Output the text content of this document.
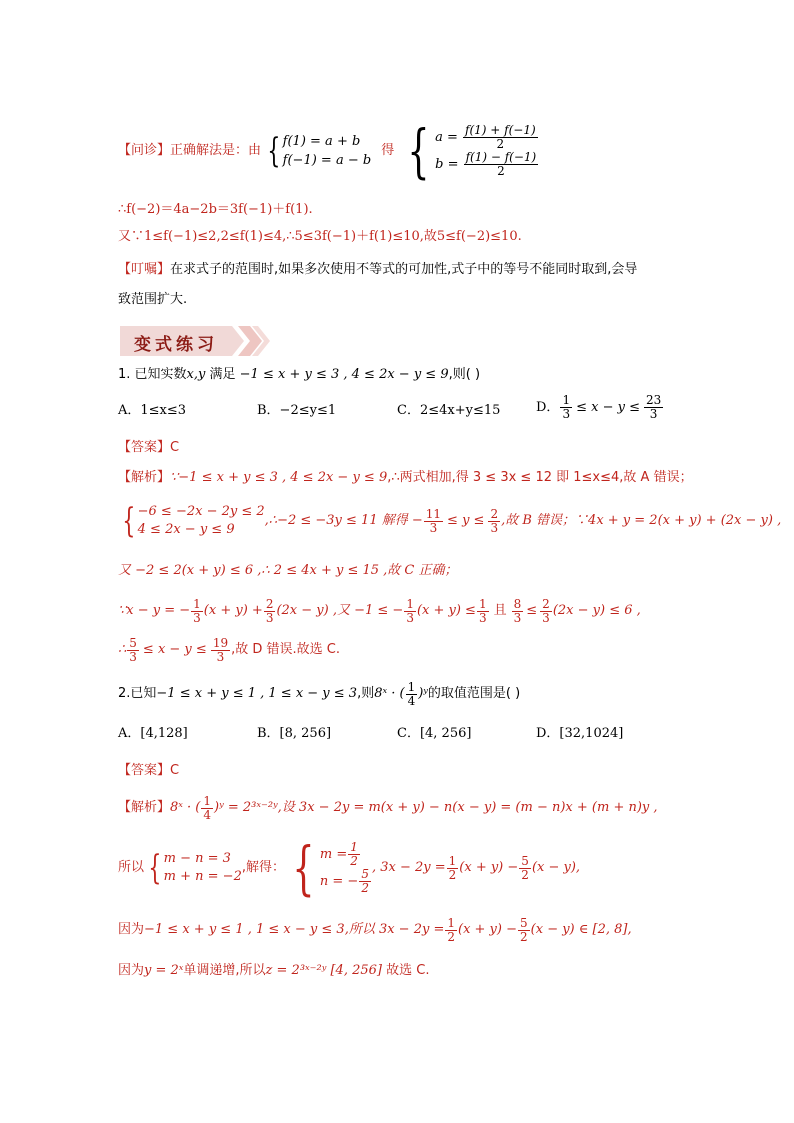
【问诊】 正确解法是：由 { f(1) = a + b
f(−1) = a − b
得 { $a = \frac{f(1) + f(-1)}{2}$
$b = \frac{f(1) - f(-1)}{2}$
∴f(−2)＝4a−2b＝3f(−1)＋f(1).
又∵1≤f(−1)≤2,2≤f(1)≤4,∴5≤3f(−1)＋f(1)≤10,故5≤f(−2)≤10.
【叮嘱】在求式子的范围时,如果多次使用不等式的可加性,式子中的等号不能同时取到,会导
致范围扩大.
变式练习
1. 已知实数x,y 满足 −1 ≤ x + y ≤ 3 , 4 ≤ 2x − y ≤ 9,则( )
A．1≤x≤3	B．−2≤y≤1	C．2≤4x+y≤15	D． $\frac{1}{3} \le x - y \le \frac{23}{3}$
【答案】C
【解析】∵−1 ≤ x + y ≤ 3 , 4 ≤ 2x − y ≤ 9,∴两式相加,得 3 ≤ 3x ≤ 12 即 1≤x≤4,故 A 错误；
{ −6 ≤ −2x − 2y ≤ 2
4 ≤ 2x − y ≤ 9
,∴−2 ≤ −3y ≤ 11 解得 − $\frac{11}{3} \le y \le \frac{2}{3}$ ,故 B 错误；∵4x + y = 2(x + y) + (2x − y) ,
又 −2 ≤ 2(x + y) ≤ 6 ,∴ 2 ≤ 4x + y ≤ 15 ,故 C 正确；
∵x − y = − $\frac{1}{3} (x + y) + \frac{2}{3} (2x - y)$ ,又 −1 ≤ − $\frac{1}{3} (x + y) \le \frac{1}{3}$ 且 $\frac{8}{3} \le \frac{2}{3} (2x - y) \le 6$ ,
∴ $\frac{5}{3} \le x - y \le \frac{19}{3}$ ,故 D 错误.故选 C.
2.已知 −1 ≤ x + y ≤ 1 , 1 ≤ x − y ≤ 3 ,则 8ˣ · ( $\frac{1}{4}$ )ʸ 的取值范围是( )
A．[4,128]	B．[8, 256]	C．[4, 256]	D．[32,1024]
【答案】C
【解析】 8ˣ · ( $\frac{1}{4}$ )ʸ = 2³ˣ⁻²ʸ ,设 3x − 2y = m(x + y) − n(x − y) = (m − n)x + (m + n)y ,
所以 { m − n = 3
m + n = −2
,解得： { $m = \frac{1}{2}$
n = − $\frac{5}{2}$
, $3x - 2y = \frac{1}{2} (x + y) - \frac{5}{2} (x - y)$,
因为 −1 ≤ x + y ≤ 1 , 1 ≤ x − y ≤ 3 ,所以 $3x - 2y = \frac{1}{2} (x + y) - \frac{5}{2} (x - y)$ ∈ [2, 8],
因为y = 2ˣ单调递增,所以z = 2³ˣ⁻²ʸ [4, 256] 故选 C.
